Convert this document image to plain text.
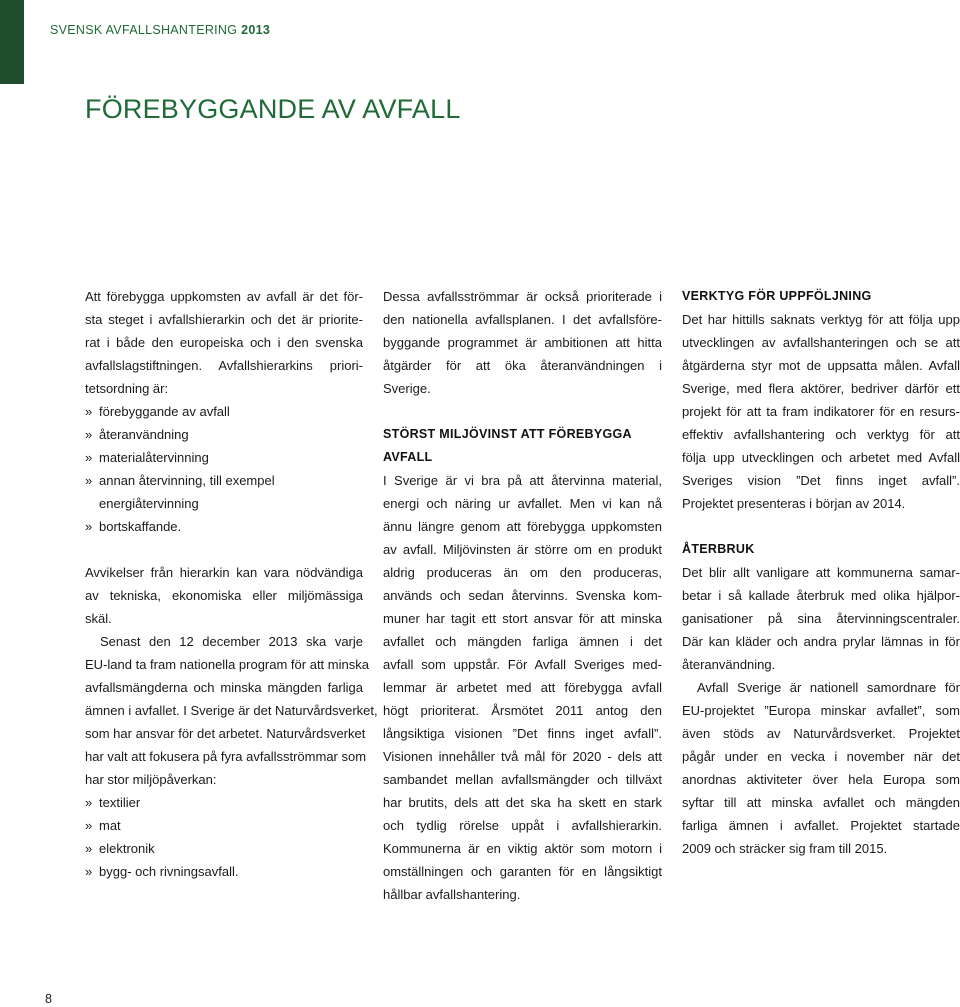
SVENSK AVFALLSHANTERING 2013
FÖREBYGGANDE AV AVFALL

Att förebygga uppkomsten av avfall är det för-
sta steget i avfallshierarkin och det är priorite-
rat i både den europeiska och i den svenska
avfallslagstiftningen. Avfallshierarkins priori-
tetsordning är:

» förebyggande av avfall
» återanvändning
» materialåtervinning
» annan återvinning, till exempel energiåtervinning
» bortskaffande.

Avvikelser från hierarkin kan vara nödvändiga
av tekniska, ekonomiska eller miljömässiga
skäl.

Senast den 12 december 2013 ska varje
EU-land ta fram nationella program för att minska
avfallsmängderna och minska mängden farliga
ämnen i avfallet. I Sverige är det Naturvårdsverket,
som har ansvar för det arbetet. Naturvårdsverket
har valt att fokusera på fyra avfallsströmmar som
har stor miljöpåverkan:

» textilier
» mat
» elektronik
» bygg- och rivningsavfall.

Dessa avfallsströmmar är också prioriterade i
den nationella avfallsplanen. I det avfallsföre-
byggande programmet är ambitionen att hitta
åtgärder för att öka återanvändningen i
Sverige.

STÖRST MILJÖVINST ATT FÖREBYGGA AVFALL

I Sverige är vi bra på att återvinna material,
energi och näring ur avfallet. Men vi kan nå
ännu längre genom att förebygga uppkomsten
av avfall. Miljövinsten är större om en produkt
aldrig produceras än om den produceras,
används och sedan återvinns. Svenska kom-
muner har tagit ett stort ansvar för att minska
avfallet och mängden farliga ämnen i det
avfall som uppstår. För Avfall Sveriges med-
lemmar är arbetet med att förebygga avfall
högt prioriterat. Årsmötet 2011 antog den
långsiktiga visionen ”Det finns inget avfall”.
Visionen innehåller två mål för 2020 - dels att
sambandet mellan avfallsmängder och tillväxt
har brutits, dels att det ska ha skett en stark
och tydlig rörelse uppåt i avfallshierarkin.
Kommunerna är en viktig aktör som motorn i
omställningen och garanten för en långsiktigt
hållbar avfallshantering.

VERKTYG FÖR UPPFÖLJNING

Det har hittills saknats verktyg för att följa upp
utvecklingen av avfallshanteringen och se att
åtgärderna styr mot de uppsatta målen. Avfall
Sverige, med flera aktörer, bedriver därför ett
projekt för att ta fram indikatorer för en resurs-
effektiv avfallshantering och verktyg för att
följa upp utvecklingen och arbetet med Avfall
Sveriges vision ”Det finns inget avfall”.
Projektet presenteras i början av 2014.

ÅTERBRUK

Det blir allt vanligare att kommunerna samar-
betar i så kallade återbruk med olika hjälpor-
ganisationer på sina återvinningscentraler.
Där kan kläder och andra prylar lämnas in för
återanvändning.

Avfall Sverige är nationell samordnare för
EU-projektet ”Europa minskar avfallet”, som
även stöds av Naturvårdsverket. Projektet
pågår under en vecka i november när det
anordnas aktiviteter över hela Europa som
syftar till att minska avfallet och mängden
farliga ämnen i avfallet. Projektet startade
2009 och sträcker sig fram till 2015.

8
